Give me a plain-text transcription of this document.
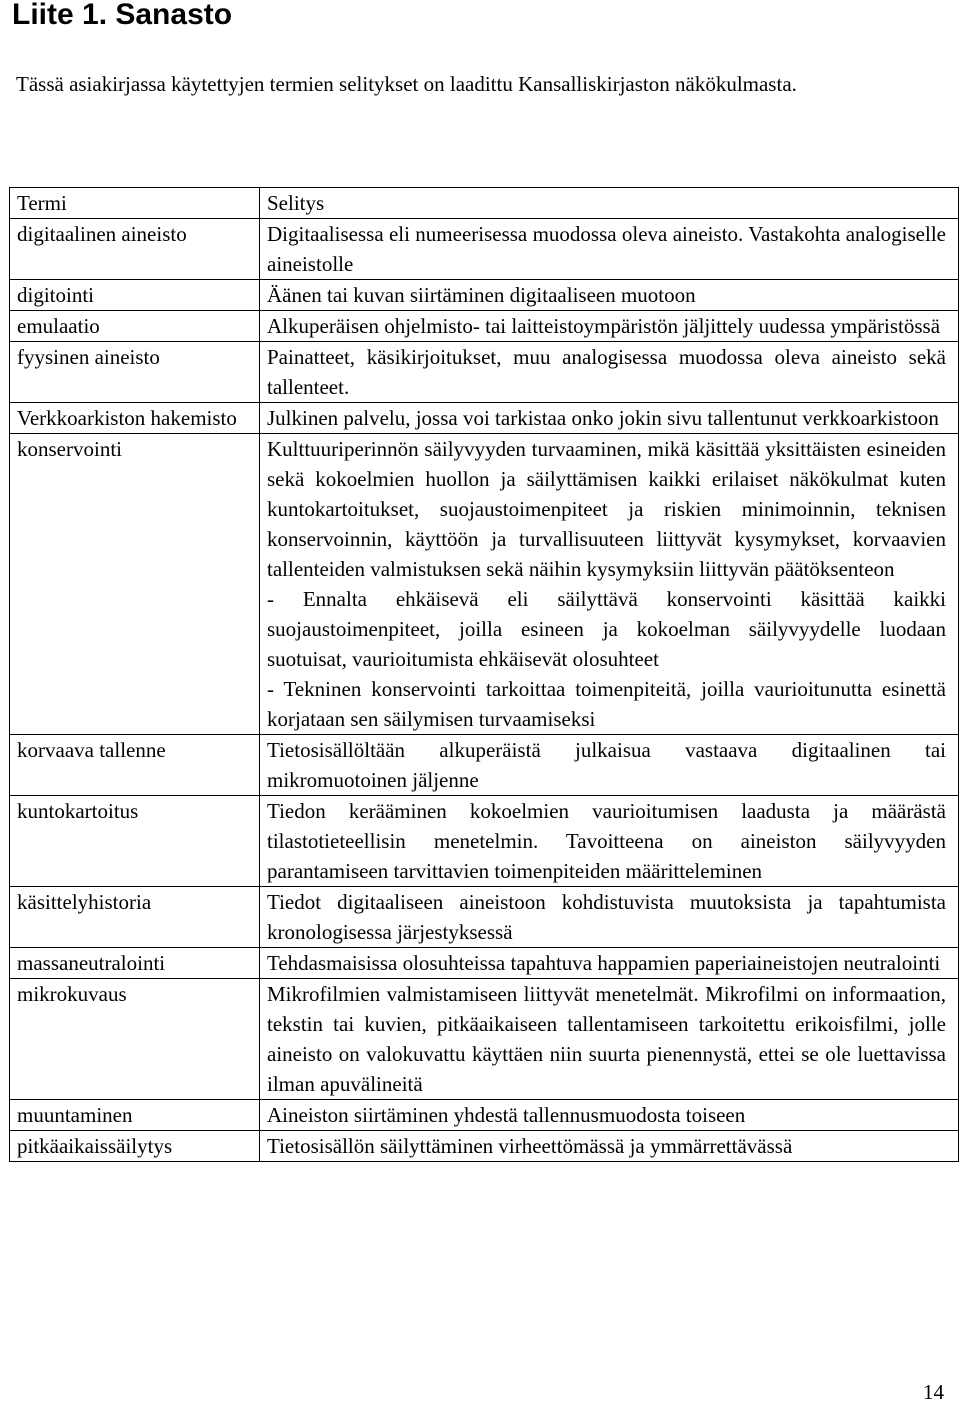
Liite 1. Sanasto

Tässä asiakirjassa käytettyjen termien selitykset on laadittu Kansalliskirjaston näkökulmasta.

Termi	Selitys
digitaalinen aineisto	Digitaalisessa eli numeerisessa muodossa oleva aineisto. Vastakohta analogiselle aineistolle

digitointi	Äänen tai kuvan siirtäminen digitaaliseen muotoon

emulaatio	Alkuperäisen ohjelmisto- tai laitteistoympäristön jäljittely uudessa ympäristössä

fyysinen aineisto	Painatteet, käsikirjoitukset, muu analogisessa muodossa oleva aineisto sekä tallenteet.

Verkkoarkiston hakemisto	Julkinen palvelu, jossa voi tarkistaa onko jokin sivu tallentunut verkkoarkistoon

konservointi	Kulttuuriperinnön säilyvyyden turvaaminen, mikä käsittää yksittäisten esineiden sekä kokoelmien huollon ja säilyttämisen kaikki erilaiset näkökulmat kuten kuntokartoitukset, suojaustoimenpiteet ja riskien minimoinnin, teknisen konservoinnin, käyttöön ja turvallisuuteen liittyvät kysymykset, korvaavien tallenteiden valmistuksen sekä näihin kysymyksiin liittyvän päätöksenteon
- Ennalta ehkäisevä eli säilyttävä konservointi käsittää kaikki suojaustoimenpiteet, joilla esineen ja kokoelman säilyvyydelle luodaan suotuisat, vaurioitumista ehkäisevät olosuhteet
- Tekninen konservointi tarkoittaa toimenpiteitä, joilla vaurioitunutta esinettä korjataan sen säilymisen turvaamiseksi

korvaava tallenne	Tietosisällöltään alkuperäistä julkaisua vastaava digitaalinen tai mikromuotoinen jäljenne

kuntokartoitus	Tiedon kerääminen kokoelmien vaurioitumisen laadusta ja määrästä tilastotieteellisin menetelmin. Tavoitteena on aineiston säilyvyyden parantamiseen tarvittavien toimenpiteiden määritteleminen

käsittelyhistoria	Tiedot digitaaliseen aineistoon kohdistuvista muutoksista ja tapahtumista kronologisessa järjestyksessä

massaneutralointi	Tehdasmaisissa olosuhteissa tapahtuva happamien paperiaineistojen neutralointi

mikrokuvaus	Mikrofilmien valmistamiseen liittyvät menetelmät. Mikrofilmi on informaation, tekstin tai kuvien, pitkäaikaiseen tallentamiseen tarkoitettu erikoisfilmi, jolle aineisto on valokuvattu käyttäen niin suurta pienennystä, ettei se ole luettavissa ilman apuvälineitä

muuntaminen	Aineiston siirtäminen yhdestä tallennusmuodosta toiseen

pitkäaikaissäilytys	Tietosisällön säilyttäminen virheettömässä ja ymmärrettävässä
14
